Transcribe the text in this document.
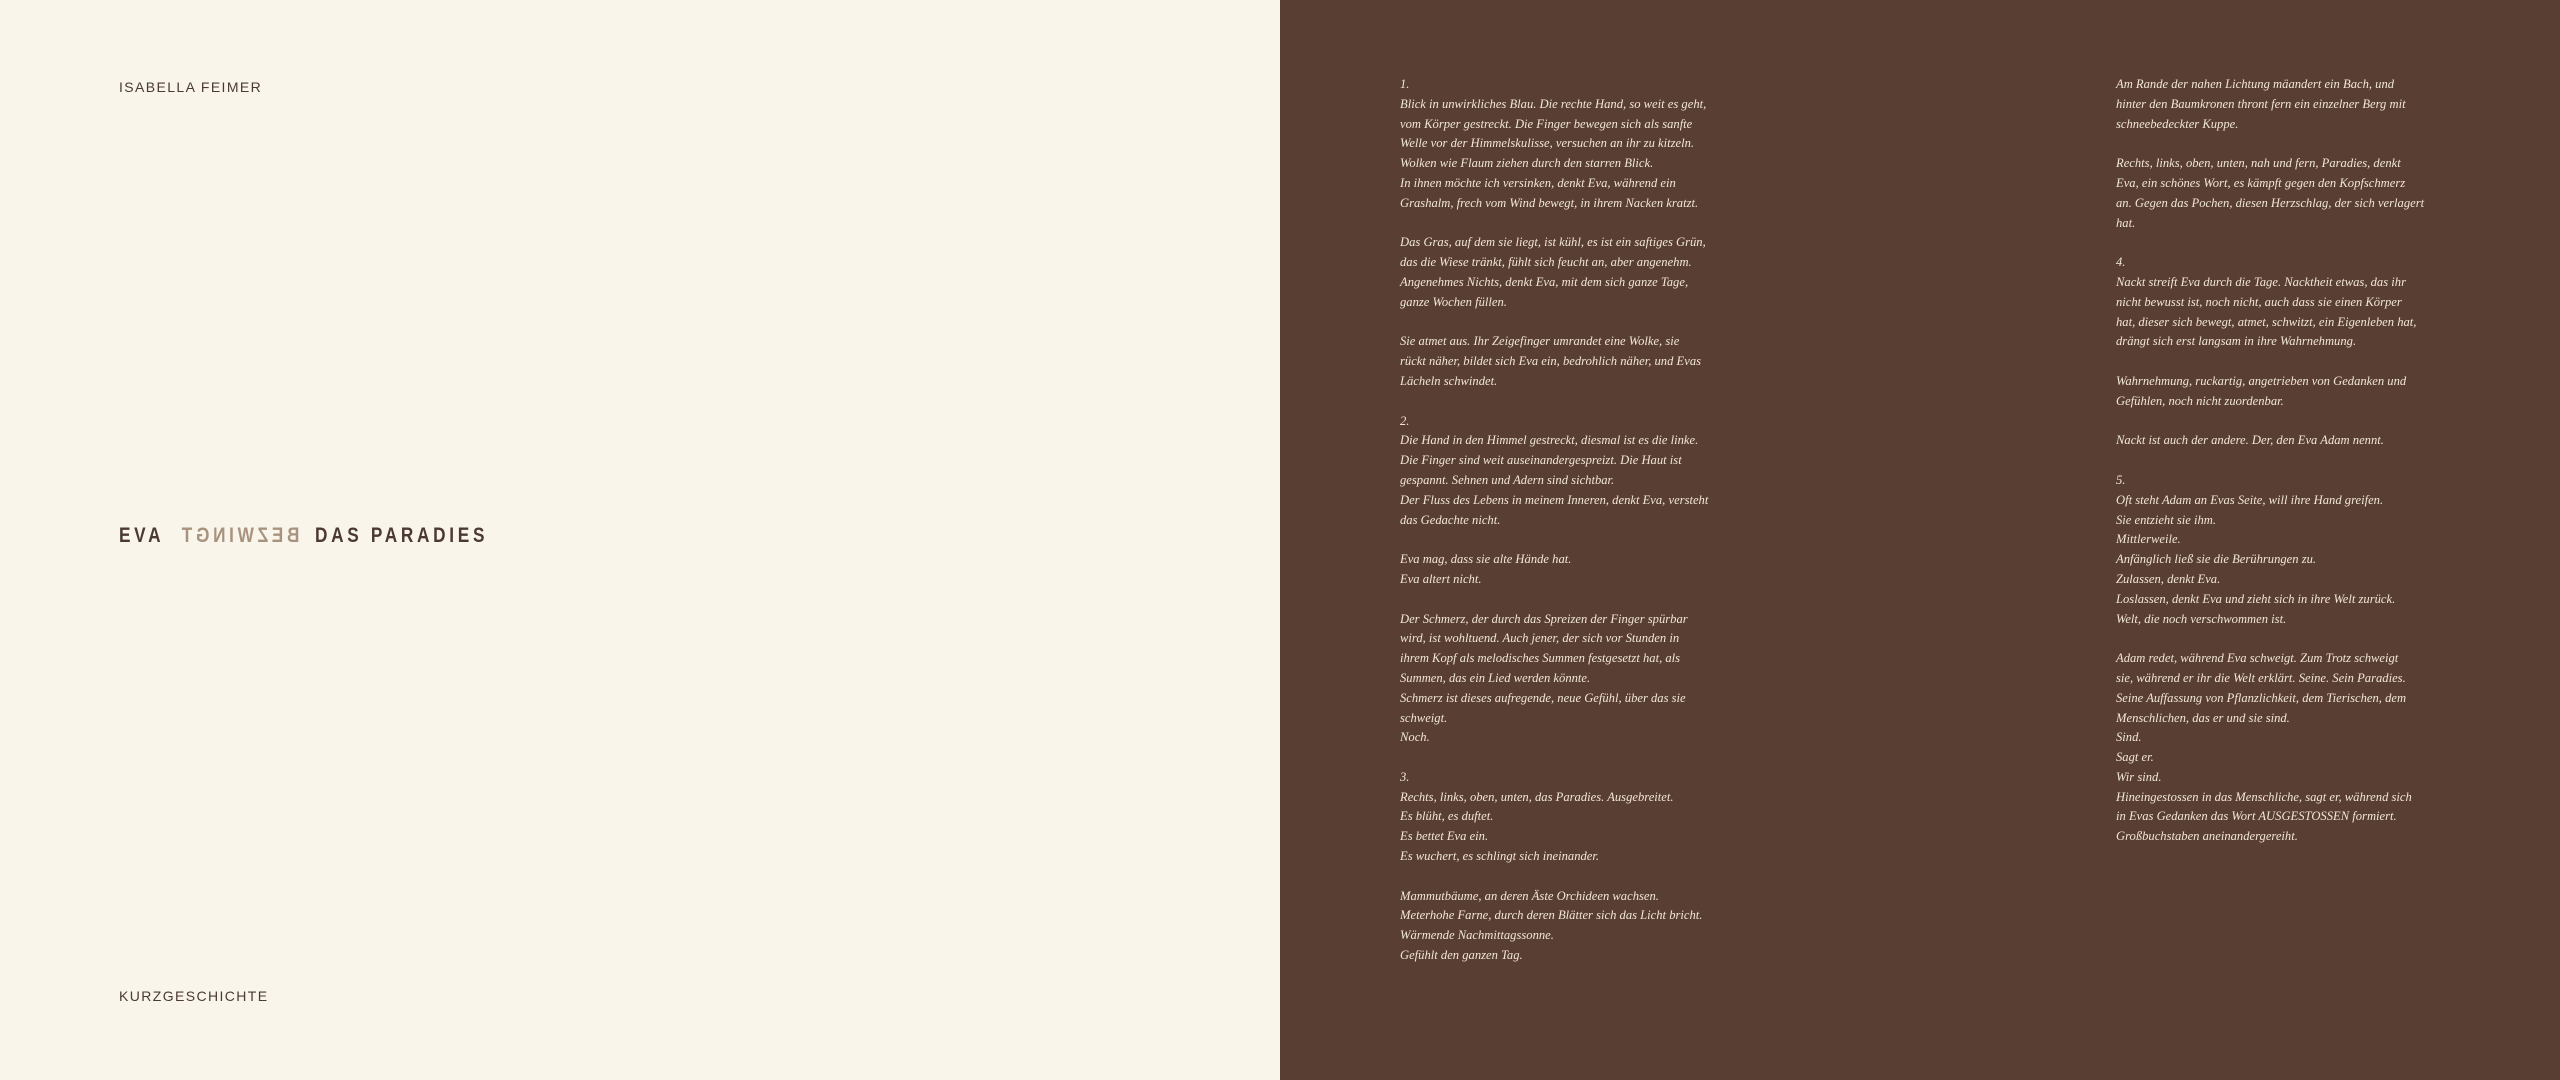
ISABELLA FEIMER
EVA BEZWINGT DAS PARADIES
KURZGESCHICHTE
1.
Blick in unwirkliches Blau. Die rechte Hand, so weit es geht,
vom Körper gestreckt. Die Finger bewegen sich als sanfte
Welle vor der Himmelskulisse, versuchen an ihr zu kitzeln.
Wolken wie Flaum ziehen durch den starren Blick.
In ihnen möchte ich versinken, denkt Eva, während ein
Grashalm, frech vom Wind bewegt, in ihrem Nacken kratzt.
Das Gras, auf dem sie liegt, ist kühl, es ist ein saftiges Grün,
das die Wiese tränkt, fühlt sich feucht an, aber angenehm.
Angenehmes Nichts, denkt Eva, mit dem sich ganze Tage,
ganze Wochen füllen.
Sie atmet aus. Ihr Zeigefinger umrandet eine Wolke, sie
rückt näher, bildet sich Eva ein, bedrohlich näher, und Evas
Lächeln schwindet.
2.
Die Hand in den Himmel gestreckt, diesmal ist es die linke.
Die Finger sind weit auseinandergespreizt. Die Haut ist
gespannt. Sehnen und Adern sind sichtbar.
Der Fluss des Lebens in meinem Inneren, denkt Eva, versteht
das Gedachte nicht.
Eva mag, dass sie alte Hände hat.
Eva altert nicht.
Der Schmerz, der durch das Spreizen der Finger spürbar
wird, ist wohltuend. Auch jener, der sich vor Stunden in
ihrem Kopf als melodisches Summen festgesetzt hat, als
Summen, das ein Lied werden könnte.
Schmerz ist dieses aufregende, neue Gefühl, über das sie
schweigt.
Noch.
3.
Rechts, links, oben, unten, das Paradies. Ausgebreitet.
Es blüht, es duftet.
Es bettet Eva ein.
Es wuchert, es schlingt sich ineinander.
Mammutbäume, an deren Äste Orchideen wachsen.
Meterhohe Farne, durch deren Blätter sich das Licht bricht.
Wärmende Nachmittagssonne.
Gefühlt den ganzen Tag.
Am Rande der nahen Lichtung mäandert ein Bach, und
hinter den Baumkronen thront fern ein einzelner Berg mit
schneebedeckter Kuppe.
Rechts, links, oben, unten, nah und fern, Paradies, denkt
Eva, ein schönes Wort, es kämpft gegen den Kopfschmerz
an. Gegen das Pochen, diesen Herzschlag, der sich verlagert
hat.
4.
Nackt streift Eva durch die Tage. Nacktheit etwas, das ihr
nicht bewusst ist, noch nicht, auch dass sie einen Körper
hat, dieser sich bewegt, atmet, schwitzt, ein Eigenleben hat,
drängt sich erst langsam in ihre Wahrnehmung.
Wahrnehmung, ruckartig, angetrieben von Gedanken und
Gefühlen, noch nicht zuordenbar.
Nackt ist auch der andere. Der, den Eva Adam nennt.
5.
Oft steht Adam an Evas Seite, will ihre Hand greifen.
Sie entzieht sie ihm.
Mittlerweile.
Anfänglich ließ sie die Berührungen zu.
Zulassen, denkt Eva.
Loslassen, denkt Eva und zieht sich in ihre Welt zurück.
Welt, die noch verschwommen ist.
Adam redet, während Eva schweigt. Zum Trotz schweigt
sie, während er ihr die Welt erklärt. Seine. Sein Paradies.
Seine Auffassung von Pflanzlichkeit, dem Tierischen, dem
Menschlichen, das er und sie sind.
Sind.
Sagt er.
Wir sind.
Hineingestossen in das Menschliche, sagt er, während sich
in Evas Gedanken das Wort AUSGESTOSSEN formiert.
Großbuchstaben aneinandergereiht.
